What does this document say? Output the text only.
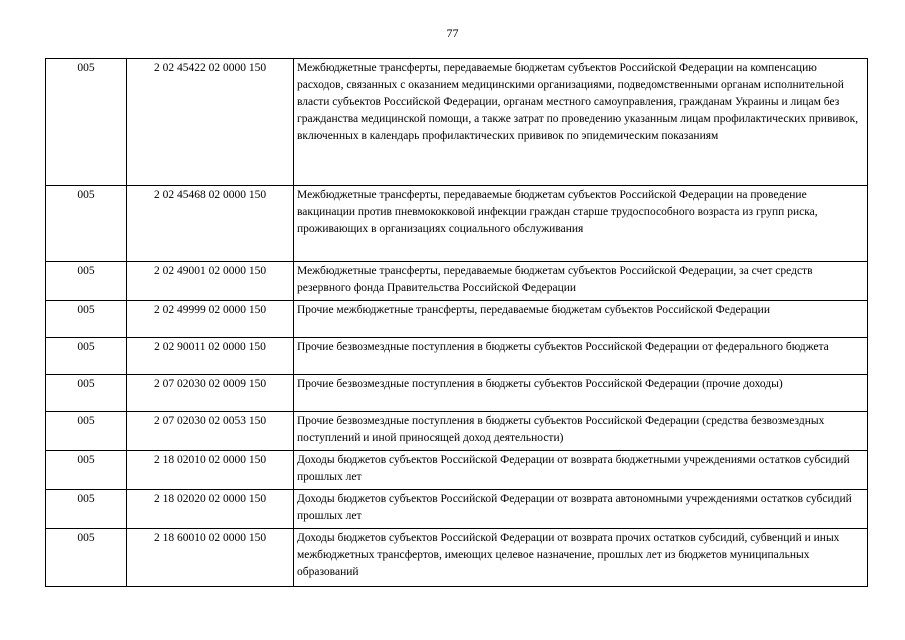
77
005	2 02 45422 02 0000 150	Межбюджетные трансферты, передаваемые бюджетам субъектов Российской Федерации на компенсацию расходов, связанных с оказанием медицинскими организациями, подведомственными органам исполнительной власти субъектов Российской Федерации, органам местного самоуправления, гражданам Украины и лицам без гражданства медицинской помощи, а также затрат по проведению указанным лицам профилактических прививок, включенных в календарь профилактических прививок по эпидемическим показаниям
005	2 02 45468 02 0000 150	Межбюджетные трансферты, передаваемые бюджетам субъектов Российской Федерации на проведение вакцинации против пневмококковой инфекции граждан старше трудоспособного возраста из групп риска, проживающих в организациях социального обслуживания
005	2 02 49001 02 0000 150	Межбюджетные трансферты, передаваемые бюджетам субъектов Российской Федерации, за счет средств резервного фонда Правительства Российской Федерации
005	2 02 49999 02 0000 150	Прочие межбюджетные трансферты, передаваемые бюджетам субъектов Российской Федерации
005	2 02 90011 02 0000 150	Прочие безвозмездные поступления в бюджеты субъектов Российской Федерации от федерального бюджета
005	2 07 02030 02 0009 150	Прочие безвозмездные поступления в бюджеты субъектов Российской Федерации (прочие доходы)
005	2 07 02030 02 0053 150	Прочие безвозмездные поступления в бюджеты субъектов Российской Федерации (средства безвозмездных поступлений и иной приносящей доход деятельности)
005	2 18 02010 02 0000 150	Доходы бюджетов субъектов Российской Федерации от возврата бюджетными учреждениями остатков субсидий прошлых лет
005	2 18 02020 02 0000 150	Доходы бюджетов субъектов Российской Федерации от возврата автономными учреждениями остатков субсидий прошлых лет
005	2 18 60010 02 0000 150	Доходы бюджетов субъектов Российской Федерации от возврата прочих остатков субсидий, субвенций и иных межбюджетных трансфертов, имеющих целевое назначение, прошлых лет из бюджетов муниципальных образований
